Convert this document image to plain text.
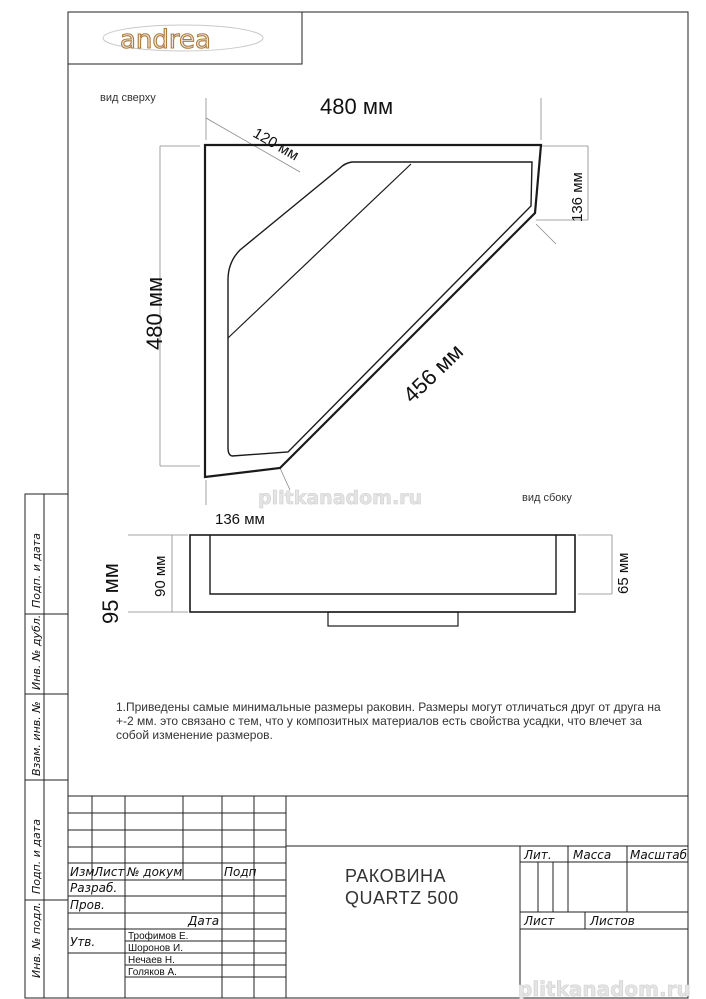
andrea
Подп. и дата
Инв. № дубл.
Взам. инв. №
Подп. и дата
Инв. № подл.
вид сверху	480 мм
480 мм
456 мм
120 мм
136 мм
136 мм
вид сбоку
95 мм 90 мм	65 мм
plitkanadom.ru
Изм Лист № докум	Подп
Разраб.
Пров.
Дата
Утв.	Трофимов Е.
Шоронов И.
Нечаев Н.
Голяков А.
РАКОВИНА
QUARTZ 500
Лит. Масса Масштаб
Лист	Листов
plitkanadom.ru
1.Приведены самые минимальные размеры раковин. Размеры могут отличаться друг от друга на +-2 мм. это связано с тем, что у композитных материалов есть свойства усадки, что влечет за собой изменение размеров.
